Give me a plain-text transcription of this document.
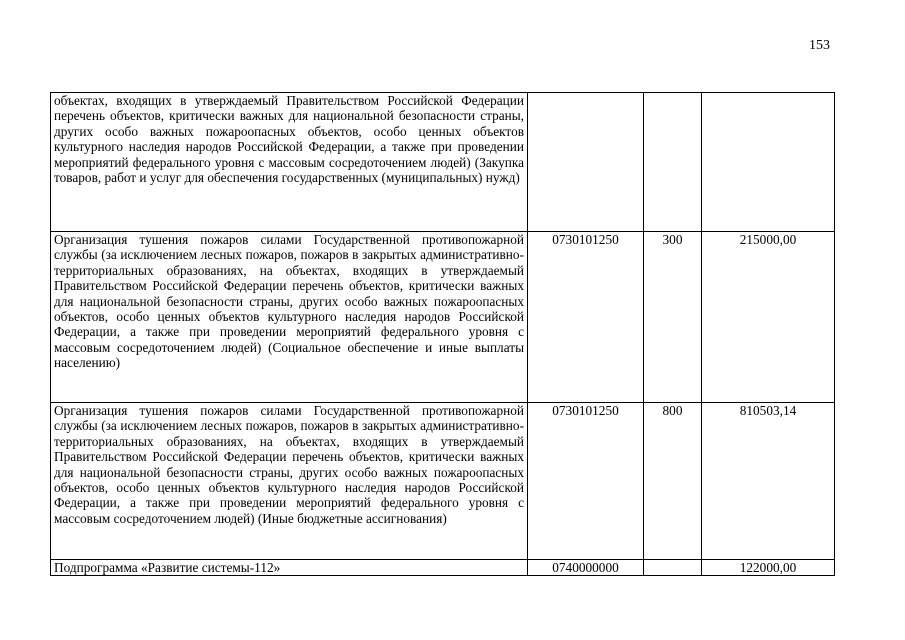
153
объектах, входящих в утверждаемый Правительством Российской Федерации перечень объектов, критически важных для национальной безопасности страны, других особо важных пожароопасных объектов, особо ценных объектов культурного наследия народов Российской Федерации, а также при проведении мероприятий федерального уровня с массовым сосредоточением людей) (Закупка товаров, работ и услуг для обеспечения государственных (муниципальных) нужд)			
Организация тушения пожаров силами Государственной противопожарной службы (за исключением лесных пожаров, пожаров в закрытых административно-территориальных образованиях, на объектах, входящих в утверждаемый Правительством Российской Федерации перечень объектов, критически важных для национальной безопасности страны, других особо важных пожароопасных объектов, особо ценных объектов культурного наследия народов Российской Федерации, а также при проведении мероприятий федерального уровня с массовым сосредоточением людей) (Социальное обеспечение и иные выплаты населению)	0730101250	300	215000,00
Организация тушения пожаров силами Государственной противопожарной службы (за исключением лесных пожаров, пожаров в закрытых административно-территориальных образованиях, на объектах, входящих в утверждаемый Правительством Российской Федерации перечень объектов, критически важных для национальной безопасности страны, других особо важных пожароопасных объектов, особо ценных объектов культурного наследия народов Российской Федерации, а также при проведении мероприятий федерального уровня с массовым сосредоточением людей) (Иные бюджетные ассигнования)	0730101250	800	810503,14
Подпрограмма «Развитие системы-112»	0740000000		122000,00
